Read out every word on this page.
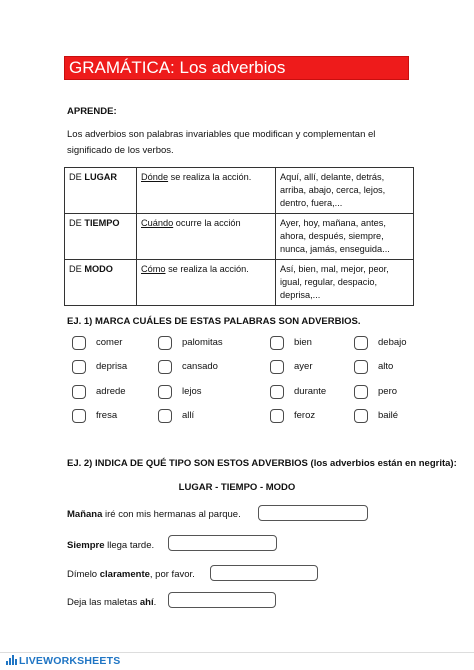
GRAMÁTICA: Los adverbios
APRENDE:
Los adverbios son palabras invariables que modifican y complementan el significado de los verbos.
DE LUGAR	Dónde se realiza la acción.	Aquí, allí, delante, detrás, arriba, abajo, cerca, lejos, dentro, fuera,...
DE TIEMPO	Cuándo ocurre la acción	Ayer, hoy, mañana, antes, ahora, después, siempre, nunca, jamás, enseguida...
DE MODO	Cómo se realiza la acción.	Así, bien, mal, mejor, peor, igual, regular, despacio, deprisa,...
EJ. 1) MARCA CUÁLES DE ESTAS PALABRAS SON ADVERBIOS.
comer	palomitas	bien	debajo
deprisa	cansado	ayer	alto
adrede	lejos	durante	pero
fresa	allí	feroz	bailé
EJ. 2) INDICA DE QUÉ TIPO SON ESTOS ADVERBIOS (los adverbios están en negrita):
LUGAR - TIEMPO - MODO
Mañana iré con mis hermanas al parque.
Siempre llega tarde.
Dímelo claramente, por favor.
Deja las maletas ahí.
LIVEWORKSHEETS
